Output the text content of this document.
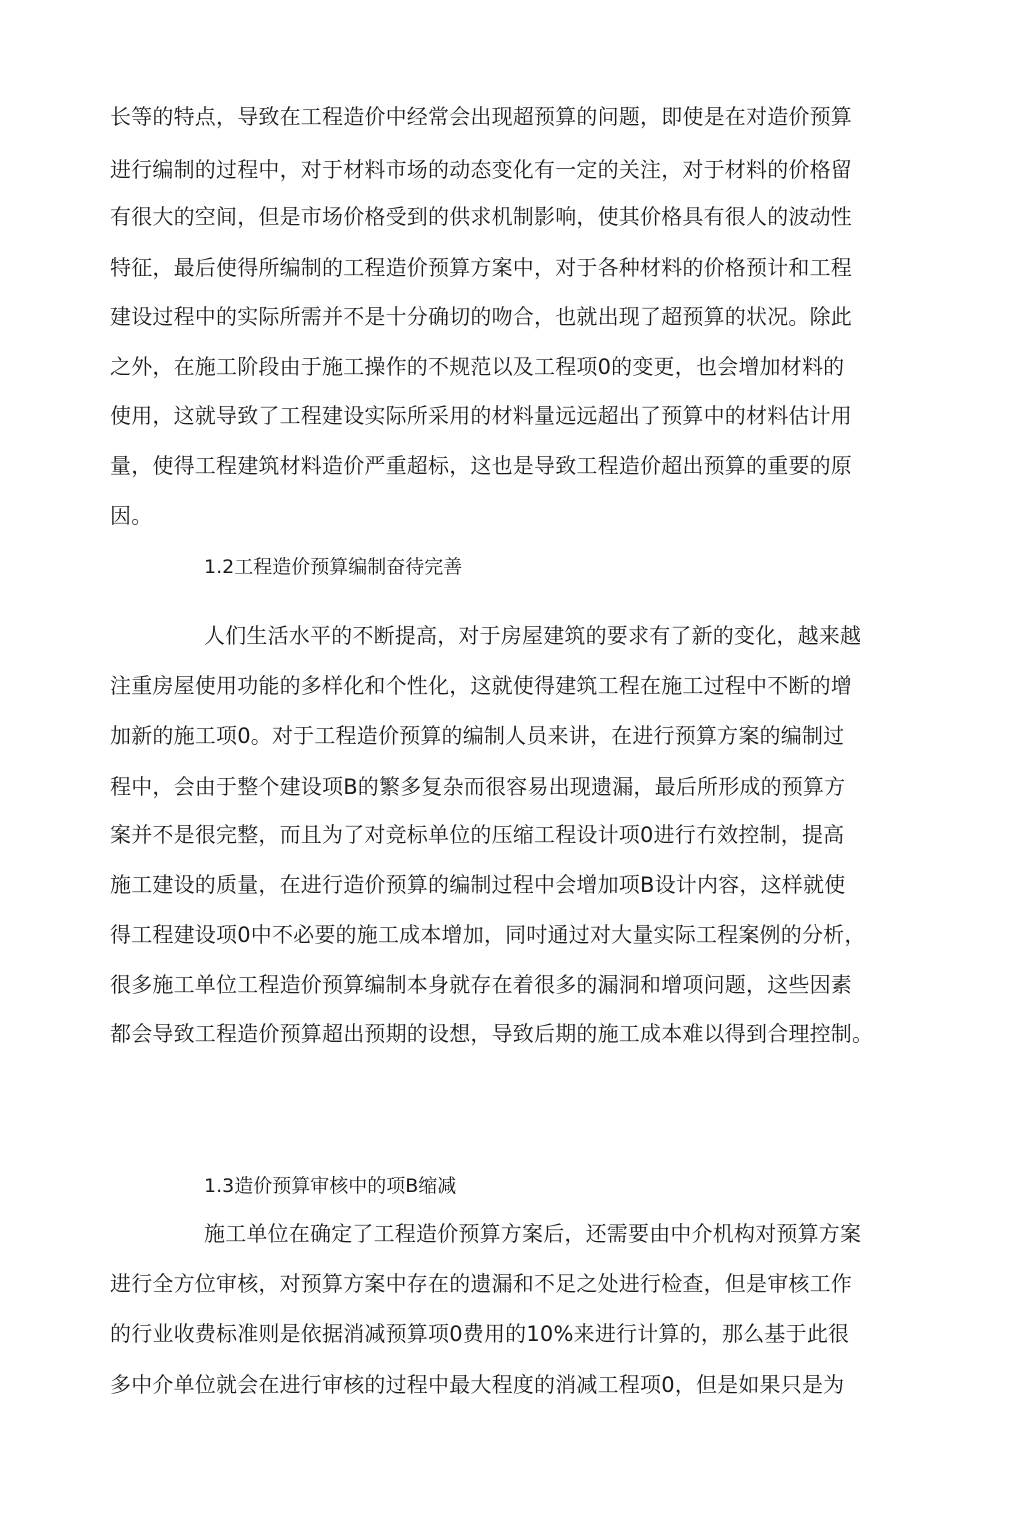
长等的特点，导致在工程造价中经常会出现超预算的问题，即使是在对造价预算
进行编制的过程中，对于材料市场的动态变化有一定的关注，对于材料的价格留
有很大的空间，但是市场价格受到的供求机制影响，使其价格具有很人的波动性
特征，最后使得所编制的工程造价预算方案中，对于各种材料的价格预计和工程
建设过程中的实际所需并不是十分确切的吻合，也就出现了超预算的状况。除此
之外，在施工阶段由于施工操作的不规范以及工程项0的变更，也会增加材料的
使用，这就导致了工程建设实际所采用的材料量远远超出了预算中的材料估计用
量，使得工程建筑材料造价严重超标，这也是导致工程造价超出预算的重要的原
因。
1.2工程造价预算编制奋待完善
人们生活水平的不断提高，对于房屋建筑的要求有了新的变化，越来越
注重房屋使用功能的多样化和个性化，这就使得建筑工程在施工过程中不断的增
加新的施工项0。对于工程造价预算的编制人员来讲，在进行预算方案的编制过
程中，会由于整个建设项B的繁多复杂而很容易出现遗漏，最后所形成的预算方
案并不是很完整，而且为了对竞标单位的压缩工程设计项0进行冇效控制，提高
施工建设的质量，在进行造价预算的编制过程中会增加项B设计内容，这样就使
得工程建设项0中不必要的施工成本增加，同吋通过对大量实际工程案例的分析，
很多施工单位工程造价预算编制本身就存在着很多的漏洞和增项问题，这些因素
都会导致工程造价预算超出预期的设想，导致后期的施工成本难以得到合理控制。
1.3造价预算审核中的项B缩减
施工单位在确定了工程造价预算方案后，还需要由中介机构对预算方案
进行全方位审核，对预算方案中存在的遗漏和不足之处进行检查，但是审核工作
的行业收费标准则是依据消减预算项0费用的10%来进行计算的，那么基于此很
多中介单位就会在进行审核的过程中最大程度的消减工程项0，但是如果只是为
